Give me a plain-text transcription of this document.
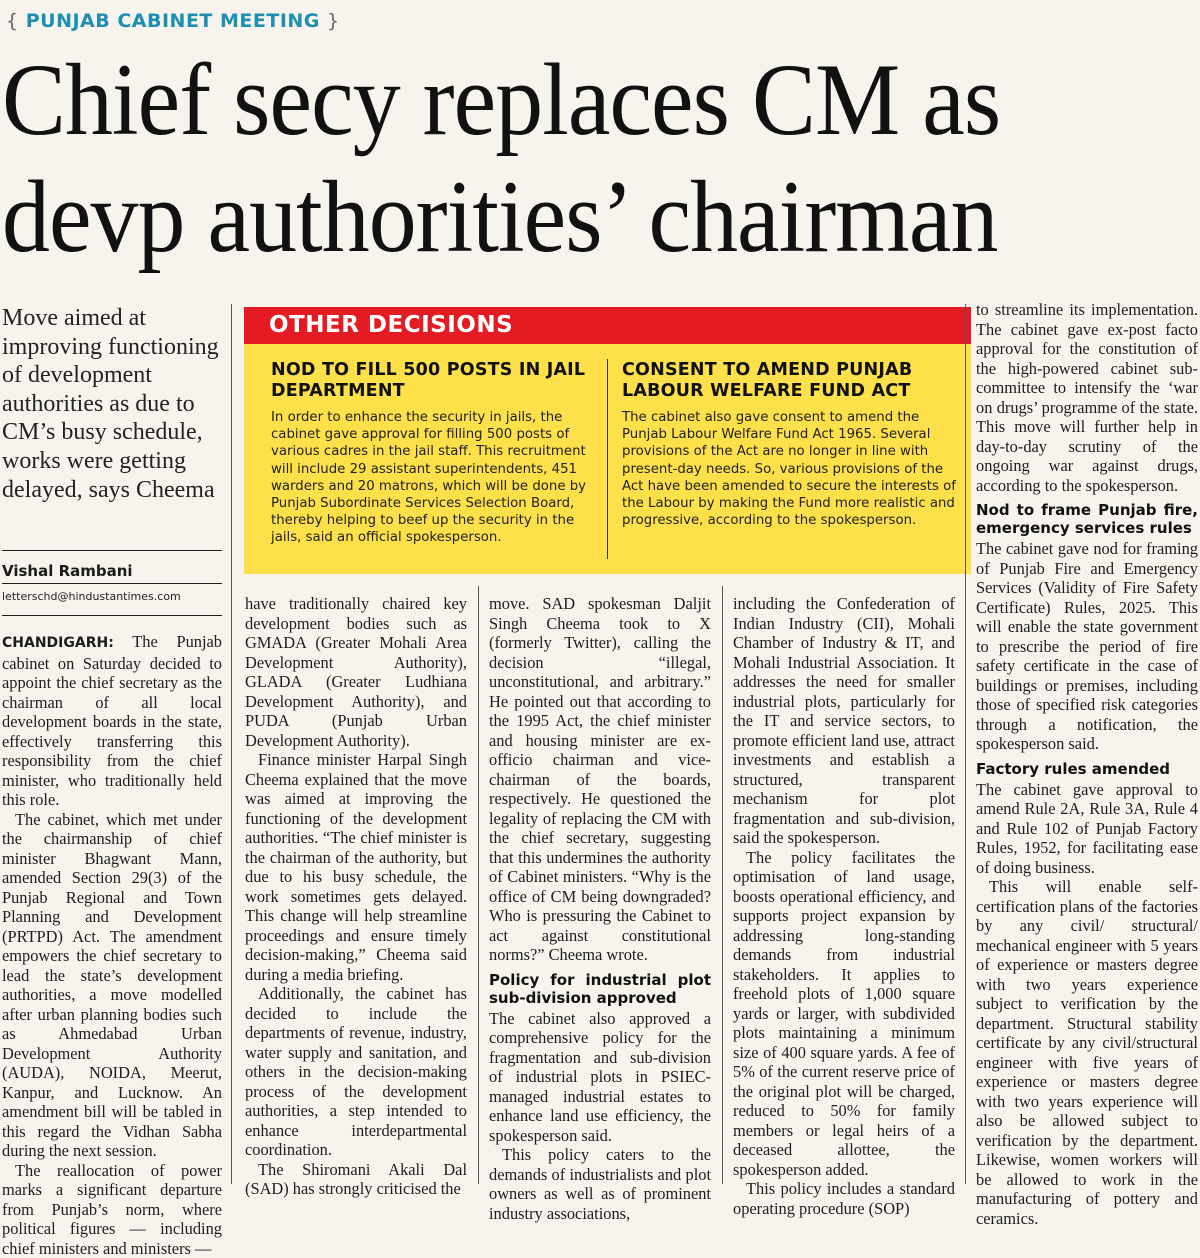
{ PUNJAB CABINET MEETING }
Chief secy replaces CM as
devp authorities’ chairman
Move aimed at improving functioning of development authorities as due to CM’s busy schedule, works were getting delayed, says Cheema
Vishal Rambani
letterschd@hindustantimes.com
OTHER DECISIONS
NOD TO FILL 500 POSTS IN JAIL DEPARTMENT
In order to enhance the security in jails, the cabinet gave approval for filling 500 posts of various cadres in the jail staff. This recruitment will include 29 assistant superintendents, 451 warders and 20 matrons, which will be done by Punjab Subordinate Services Selection Board, thereby helping to beef up the security in the jails, said an official spokesperson.
CONSENT TO AMEND PUNJAB LABOUR WELFARE FUND ACT
The cabinet also gave consent to amend the Punjab Labour Welfare Fund Act 1965. Several provisions of the Act are no longer in line with present-day needs. So, various provisions of the Act have been amended to secure the interests of the Labour by making the Fund more realistic and progressive, according to the spokesperson.

CHANDIGARH: The Punjab cabinet on Saturday decided to appoint the chief secretary as the chairman of all local development boards in the state, effectively transferring this responsibility from the chief minister, who traditionally held this role.

The cabinet, which met under the chairmanship of chief minister Bhagwant Mann, amended Section 29(3) of the Punjab Regional and Town Planning and Development (PRTPD) Act. The amendment empowers the chief secretary to lead the state’s development authorities, a move modelled after urban planning bodies such as Ahmedabad Urban Development Authority (AUDA), NOIDA, Meerut, Kanpur, and Lucknow. An amendment bill will be tabled in this regard the Vidhan Sabha during the next session.

The reallocation of power marks a significant departure from Punjab’s norm, where political figures — including chief ministers and ministers —

have traditionally chaired key development bodies such as GMADA (Greater Mohali Area Development Authority), GLADA (Greater Ludhiana Development Authority), and PUDA (Punjab Urban Development Authority).

Finance minister Harpal Singh Cheema explained that the move was aimed at improving the functioning of the development authorities. “The chief minister is the chairman of the authority, but due to his busy schedule, the work sometimes gets delayed. This change will help streamline proceedings and ensure timely decision-making,” Cheema said during a media briefing.

Additionally, the cabinet has decided to include the departments of revenue, industry, water supply and sanitation, and others in the decision-making process of the development authorities, a step intended to enhance interdepartmental coordination.

The Shiromani Akali Dal (SAD) has strongly criticised the

move. SAD spokesman Daljit Singh Cheema took to X (formerly Twitter), calling the decision “illegal, unconstitutional, and arbitrary.” He pointed out that according to the 1995 Act, the chief minister and housing minister are ex-officio chairman and vice-chairman of the boards, respectively. He questioned the legality of replacing the CM with the chief secretary, suggesting that this undermines the authority of Cabinet ministers. “Why is the office of CM being downgraded? Who is pressuring the Cabinet to act against constitutional norms?” Cheema wrote.

Policy for industrial plot sub-division approved

The cabinet also approved a comprehensive policy for the fragmentation and sub-division of industrial plots in PSIEC-managed industrial estates to enhance land use efficiency, the spokesperson said.

This policy caters to the demands of industrialists and plot owners as well as of prominent industry associations,

including the Confederation of Indian Industry (CII), Mohali Chamber of Industry & IT, and Mohali Industrial Association. It addresses the need for smaller industrial plots, particularly for the IT and service sectors, to promote efficient land use, attract investments and establish a structured, transparent mechanism for plot fragmentation and sub-division, said the spokesperson.

The policy facilitates the optimisation of land usage, boosts operational efficiency, and supports project expansion by addressing long-standing demands from industrial stakeholders. It applies to freehold plots of 1,000 square yards or larger, with subdivided plots maintaining a minimum size of 400 square yards. A fee of 5% of the current reserve price of the original plot will be charged, reduced to 50% for family members or legal heirs of a deceased allottee, the spokesperson added.

This policy includes a standard operating procedure (SOP)

to streamline its implementation. The cabinet gave ex-post facto approval for the constitution of the high-powered cabinet sub-committee to intensify the ‘war on drugs’ programme of the state. This move will further help in day-to-day scrutiny of the ongoing war against drugs, according to the spokesperson.

Nod to frame Punjab fire, emergency services rules

The cabinet gave nod for framing of Punjab Fire and Emergency Services (Validity of Fire Safety Certificate) Rules, 2025. This will enable the state government to prescribe the period of fire safety certificate in the case of buildings or premises, including those of specified risk categories through a notification, the spokesperson said.

Factory rules amended

The cabinet gave approval to amend Rule 2A, Rule 3A, Rule 4 and Rule 102 of Punjab Factory Rules, 1952, for facilitating ease of doing business.

This will enable self-certification plans of the factories by any civil/ structural/ mechanical engineer with 5 years of experience or masters degree with two years experience subject to verification by the department. Structural stability certificate by any civil/structural engineer with five years of experience or masters degree with two years experience will also be allowed subject to verification by the department. Likewise, women workers will be allowed to work in the manufacturing of pottery and ceramics.
